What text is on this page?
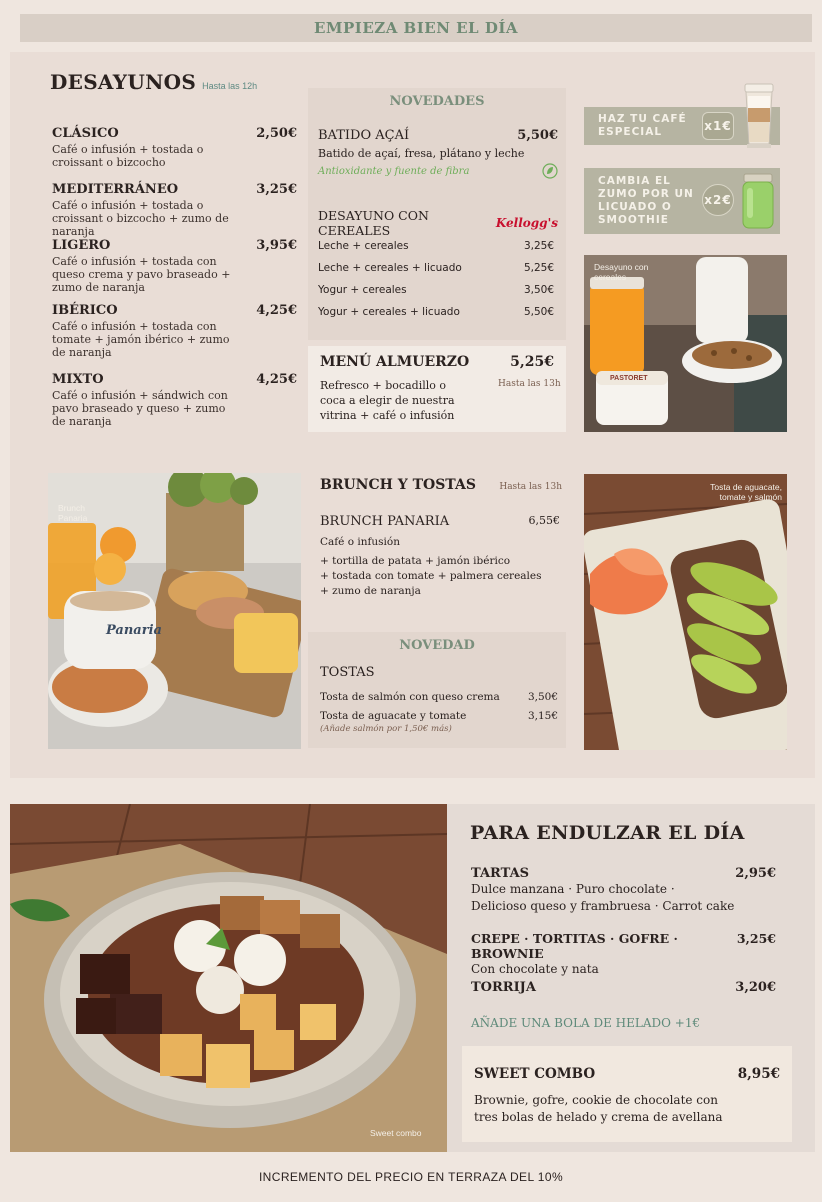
EMPIEZA BIEN EL DÍA
DESAYUNOS Hasta las 12h
CLÁSICO	2,50€
Café o infusión + tostada o croissant o bizcocho
MEDITERRÁNEO	3,25€
Café o infusión + tostada o croissant o bizcocho + zumo de naranja
LIGERO	3,95€
Café o infusión + tostada con queso crema y pavo braseado + zumo de naranja
IBÉRICO	4,25€
Café o infusión + tostada con tomate + jamón ibérico + zumo de naranja
MIXTO	4,25€
Café o infusión + sándwich con pavo braseado y queso + zumo de naranja
NOVEDADES
BATIDO AÇAÍ	5,50€
Batido de açaí, fresa, plátano y leche
Antioxidante y fuente de fibra
DESAYUNO CON CEREALES	Kellogg's
Leche + cereales	3,25€
Leche + cereales + licuado	5,25€
Yogur + cereales	3,50€
Yogur + cereales + licuado	5,50€
MENÚ ALMUERZO	5,25€
Refresco + bocadillo o coca a elegir de nuestra vitrina + café o infusión
Hasta las 13h
HAZ TU CAFÉ ESPECIAL	x1€
CAMBIA EL ZUMO POR UN LICUADO O SMOOTHIE
x2€
Desayuno con cereales
PASTORET
Brunch Panaria
Panaria
BRUNCH Y TOSTAS	Hasta las 13h
BRUNCH PANARIA	6,55€
Café o infusión
+ tortilla de patata + jamón ibérico
+ tostada con tomate + palmera cereales
+ zumo de naranja
NOVEDAD
TOSTAS
Tosta de salmón con queso crema	3,50€
Tosta de aguacate y tomate	3,15€
(Añade salmón por 1,50€ más)
Tosta de aguacate, tomate y salmón
Sweet combo
PARA ENDULZAR EL DÍA
TARTAS	2,95€
Dulce manzana · Puro chocolate ·
Delicioso queso y frambruesa · Carrot cake
CREPE · TORTITAS · GOFRE · BROWNIE
3,25€
Con chocolate y nata
TORRIJA	3,20€
AÑADE UNA BOLA DE HELADO +1€
SWEET COMBO	8,95€
Brownie, gofre, cookie de chocolate con
tres bolas de helado y crema de avellana
INCREMENTO DEL PRECIO EN TERRAZA DEL 10%
